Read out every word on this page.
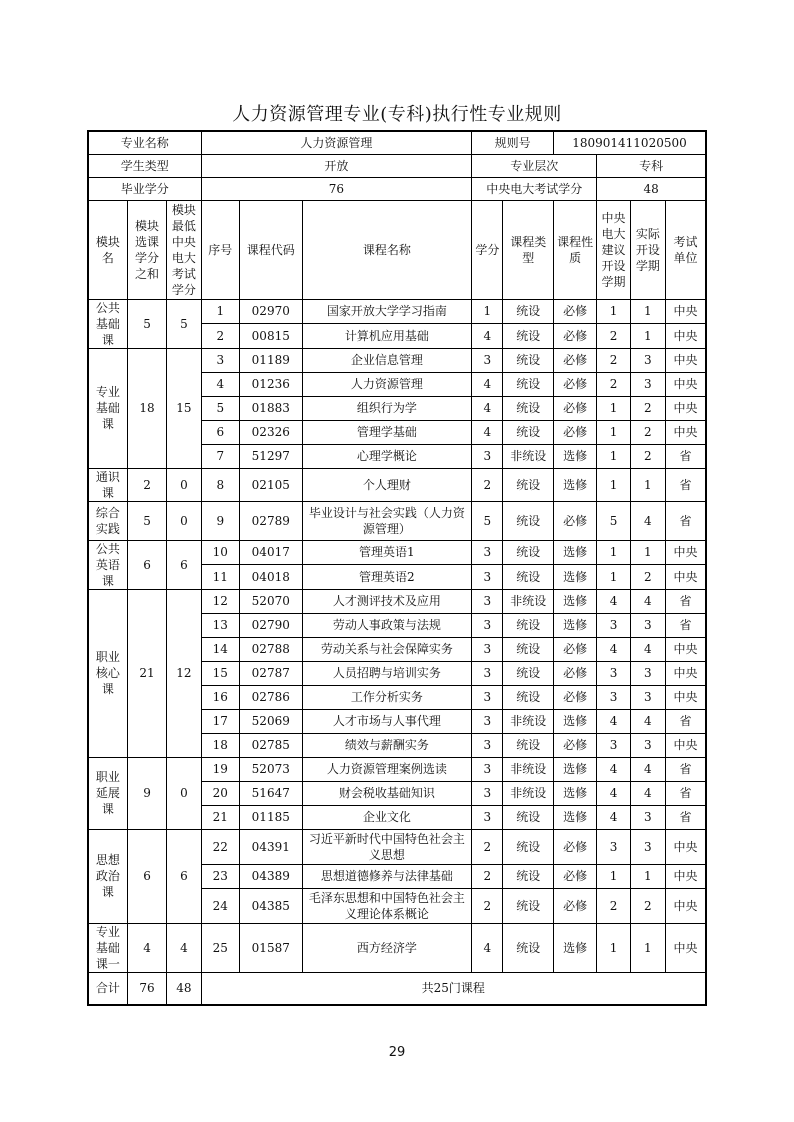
人力资源管理专业(专科)执行性专业规则
专业名称			人力资源管理			规则号		180901411020500			
学生类型			开放			专业层次			专科		
毕业学分			76			中央电大考试学分			48		
模块名	模块选课学分之和	模块最低中央电大考试学分	序号	课程代码	课程名称	学分	课程类型	课程性质	中央电大建议开设学期	实际开设学期	考试单位
公共基础课	5	5	1	02970	国家开放大学学习指南	1	统设	必修	1	1	中央
			2	00815	计算机应用基础	4	统设	必修	2	1	中央
专业基础课	18	15	3	01189	企业信息管理	3	统设	必修	2	3	中央
			4	01236	人力资源管理	4	统设	必修	2	3	中央
			5	01883	组织行为学	4	统设	必修	1	2	中央
			6	02326	管理学基础	4	统设	必修	1	2	中央
			7	51297	心理学概论	3	非统设	选修	1	2	省
通识课	2	0	8	02105	个人理财	2	统设	选修	1	1	省
综合实践	5	0	9	02789	毕业设计与社会实践（人力资源管理）	5	统设	必修	5	4	省
公共英语课	6	6	10	04017	管理英语1	3	统设	选修	1	1	中央
			11	04018	管理英语2	3	统设	选修	1	2	中央
职业核心课	21	12	12	52070	人才测评技术及应用	3	非统设	选修	4	4	省
			13	02790	劳动人事政策与法规	3	统设	选修	3	3	省
			14	02788	劳动关系与社会保障实务	3	统设	必修	4	4	中央
			15	02787	人员招聘与培训实务	3	统设	必修	3	3	中央
			16	02786	工作分析实务	3	统设	必修	3	3	中央
			17	52069	人才市场与人事代理	3	非统设	选修	4	4	省
			18	02785	绩效与薪酬实务	3	统设	必修	3	3	中央
职业延展课	9	0	19	52073	人力资源管理案例选读	3	非统设	选修	4	4	省
			20	51647	财会税收基础知识	3	非统设	选修	4	4	省
			21	01185	企业文化	3	统设	选修	4	3	省
思想政治课	6	6	22	04391	习近平新时代中国特色社会主义思想	2	统设	必修	3	3	中央
			23	04389	思想道德修养与法律基础	2	统设	必修	1	1	中央
			24	04385	毛泽东思想和中国特色社会主义理论体系概论	2	统设	必修	2	2	中央
专业基础课一	4	4	25	01587	西方经济学	4	统设	选修	1	1	中央
合计	76	48	共25门课程								
29
